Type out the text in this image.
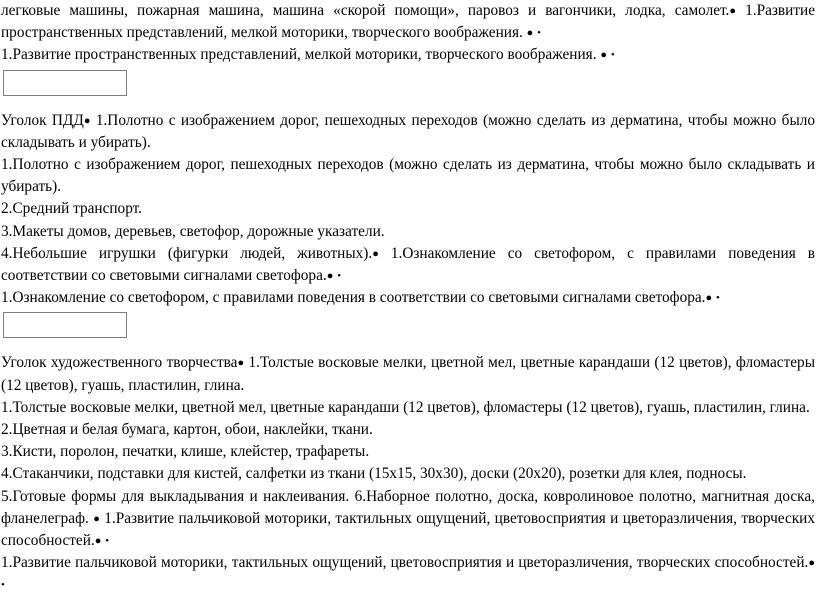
легковые машины, пожарная машина, машина «скорой помощи», паровоз и вагончики, лодка, самолет.● 1.Развитие пространственных представлений, мелкой моторики, творческого воображения. ● •

1.Развитие пространственных представлений, мелкой моторики, творческого воображения. ● •

Уголок ПДД● 1.Полотно с изображением дорог, пешеходных переходов (можно сделать из дерматина, чтобы можно было складывать и убирать).

1.Полотно с изображением дорог, пешеходных переходов (можно сделать из дерматина, чтобы можно было складывать и убирать).

2.Средний транспорт.

3.Макеты домов, деревьев, светофор, дорожные указатели.

4.Небольшие игрушки (фигурки людей, животных).● 1.Ознакомление со светофором, с правилами поведения в соответствии со световыми сигналами светофора.● •

1.Ознакомление со светофором, с правилами поведения в соответствии со световыми сигналами светофора.● •

Уголок художественного творчества● 1.Толстые восковые мелки, цветной мел, цветные карандаши (12 цветов), фломастеры (12 цветов), гуашь, пластилин, глина.

1.Толстые восковые мелки, цветной мел, цветные карандаши (12 цветов), фломастеры (12 цветов), гуашь, пластилин, глина.

2.Цветная и белая бумага, картон, обои, наклейки, ткани.

3.Кисти, поролон, печатки, клише, клейстер, трафареты.

4.Стаканчики, подставки для кистей, салфетки из ткани (15х15, 30х30), доски (20х20), розетки для клея, подносы.

5.Готовые формы для выкладывания и наклеивания. 6.Наборное полотно, доска, ковролиновое полотно, магнитная доска, фланелеграф. ● 1.Развитие пальчиковой моторики, тактильных ощущений, цветовосприятия и цветоразличения, творческих способностей.● •

1.Развитие пальчиковой моторики, тактильных ощущений, цветовосприятия и цветоразличения, творческих способностей.● •
